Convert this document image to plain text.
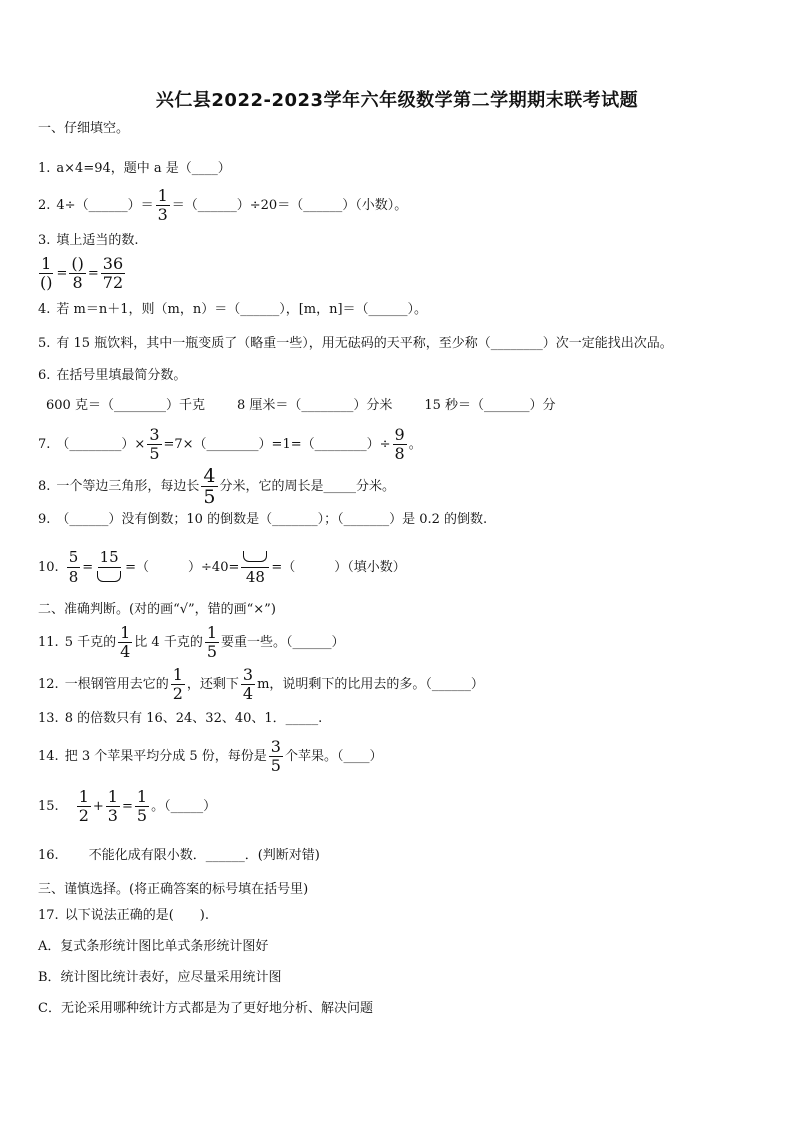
兴仁县2022-2023学年六年级数学第二学期期末联考试题
一、仔细填空。
1. a×4=94，题中 a 是（____）
2. 4÷（______）＝ $\frac{1}{3}$ ＝（______）÷20＝（______）（小数）。
3. 填上适当的数.
$\frac{1}{()} = \frac{()}{8} = \frac{36}{72}$
4. 若 m＝n＋1，则（m，n）＝（______），[m，n]＝（______）。
5. 有 15 瓶饮料，其中一瓶变质了（略重一些），用无砝码的天平称，至少称（________）次一定能找出次品。
6. 在括号里填最简分数。
600 克＝（________）千克 8 厘米＝（________）分米 15 秒＝（_______）分
7. （________）× $\frac{3}{5}$ =7×（________）=1=（________）÷ $\frac{9}{8}$ 。
8. 一个等边三角形，每边长 $\frac{4}{5}$ 分米，它的周长是_____分米。
9. （______）没有倒数；10 的倒数是（_______）；（_______）是 0.2 的倒数.
10. $\frac{5}{8}$ =
15
=（　　　）÷40=
48
=（　　　）（填小数）
二、准确判断。(对的画“√”，错的画“×”)
11. 5 千克的 $\frac{1}{4}$ 比 4 千克的 $\frac{1}{5}$ 要重一些。（______）
12. 一根钢管用去它的 $\frac{1}{2}$ ，还剩下 $\frac{3}{4}$ m，说明剩下的比用去的多。（______）
13. 8 的倍数只有 16、24、32、40、1．_____.
14. 把 3 个苹果平均分成 5 份，每份是 $\frac{3}{5}$ 个苹果。（____）
15. $\frac{1}{2} + \frac{1}{3} = \frac{1}{5}$ 。（_____）
16. 不能化成有限小数．______．(判断对错)
三、谨慎选择。(将正确答案的标号填在括号里)
17. 以下说法正确的是(　　).
A．复式条形统计图比单式条形统计图好
B．统计图比统计表好，应尽量采用统计图
C．无论采用哪种统计方式都是为了更好地分析、解决问题
